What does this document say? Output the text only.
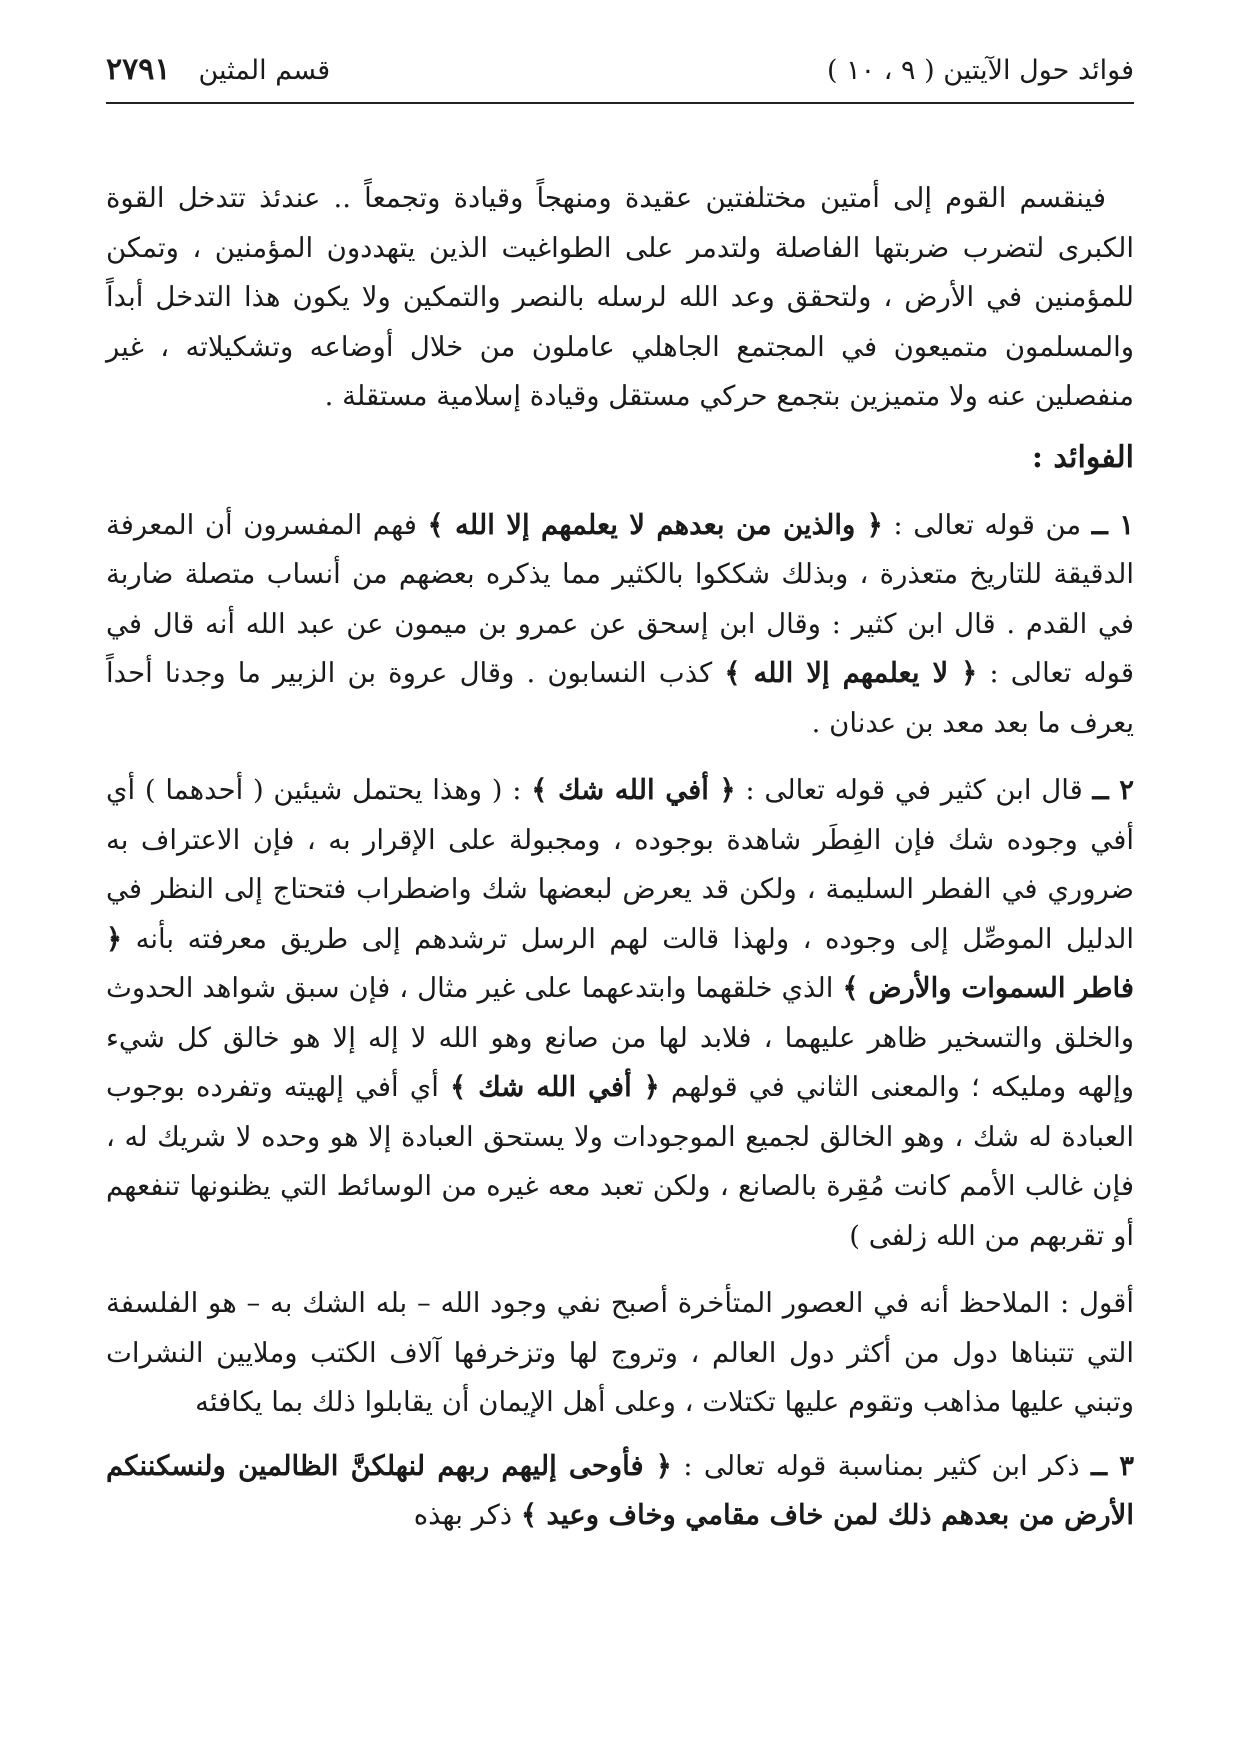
فوائد حول الآيتين ( ٩ ، ١٠ )
قسم المثين
٢٧٩١

فينقسم القوم إلى أمتين مختلفتين عقيدة ومنهجاً وقيادة وتجمعاً .. عندئذ تتدخل القوة الكبرى لتضرب ضربتها الفاصلة ولتدمر على الطواغيت الذين يتهددون المؤمنين ، وتمكن للمؤمنين في الأرض ، ولتحقق وعد الله لرسله بالنصر والتمكين ولا يكون هذا التدخل أبداً والمسلمون متميعون في المجتمع الجاهلي عاملون من خلال أوضاعه وتشكيلاته ، غير منفصلين عنه ولا متميزين بتجمع حركي مستقل وقيادة إسلامية مستقلة .

الفوائد :

١ ــ من قوله تعالى : ﴿ والذين من بعدهم لا يعلمهم إلا الله ﴾ فهم المفسرون أن المعرفة الدقيقة للتاريخ متعذرة ، وبذلك شككوا بالكثير مما يذكره بعضهم من أنساب متصلة ضاربة في القدم . قال ابن كثير : وقال ابن إسحق عن عمرو بن ميمون عن عبد الله أنه قال في قوله تعالى : ﴿ لا يعلمهم إلا الله ﴾ كذب النسابون . وقال عروة بن الزبير ما وجدنا أحداً يعرف ما بعد معد بن عدنان .

٢ ــ قال ابن كثير في قوله تعالى : ﴿ أفي الله شك ﴾ : ( وهذا يحتمل شيئين ( أحدهما ) أي أفي وجوده شك فإن الفِطَر شاهدة بوجوده ، ومجبولة على الإقرار به ، فإن الاعتراف به ضروري في الفطر السليمة ، ولكن قد يعرض لبعضها شك واضطراب فتحتاج إلى النظر في الدليل الموصِّل إلى وجوده ، ولهذا قالت لهم الرسل ترشدهم إلى طريق معرفته بأنه ﴿ فاطر السموات والأرض ﴾ الذي خلقهما وابتدعهما على غير مثال ، فإن سبق شواهد الحدوث والخلق والتسخير ظاهر عليهما ، فلابد لها من صانع وهو الله لا إله إلا هو خالق كل شيء وإلهه ومليكه ؛ والمعنى الثاني في قولهم ﴿ أفي الله شك ﴾ أي أفي إلهيته وتفرده بوجوب العبادة له شك ، وهو الخالق لجميع الموجودات ولا يستحق العبادة إلا هو وحده لا شريك له ، فإن غالب الأمم كانت مُقِرة بالصانع ، ولكن تعبد معه غيره من الوسائط التي يظنونها تنفعهم أو تقربهم من الله زلفى )

أقول : الملاحظ أنه في العصور المتأخرة أصبح نفي وجود الله – بله الشك به – هو الفلسفة التي تتبناها دول من أكثر دول العالم ، وتروج لها وتزخرفها آلاف الكتب وملايين النشرات وتبني عليها مذاهب وتقوم عليها تكتلات ، وعلى أهل الإيمان أن يقابلوا ذلك بما يكافئه

٣ ــ ذكر ابن كثير بمناسبة قوله تعالى : ﴿ فأوحى إليهم ربهم لنهلكنَّ الظالمين ولنسكننكم الأرض من بعدهم ذلك لمن خاف مقامي وخاف وعيد ﴾ ذكر بهذه
